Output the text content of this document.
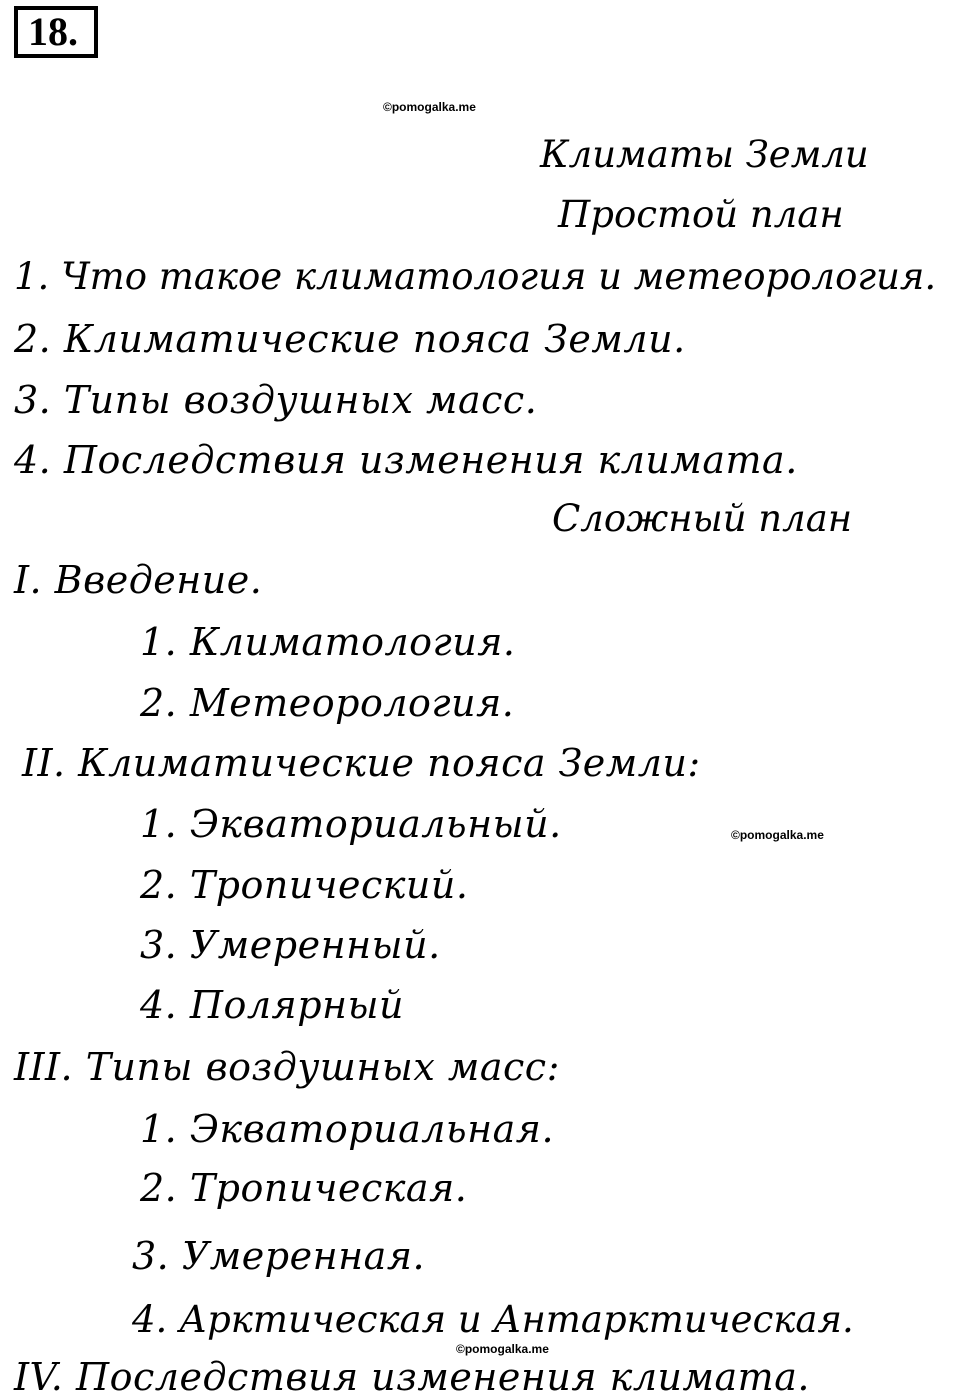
18.
©pomogalka.me
Климаты Земли
Простой план
1. Что такое климатология и метеорология.
2. Климатические пояса Земли.
3. Типы воздушных масс.
4. Последствия изменения климата.
Сложный план
I. Введение.
1. Климатология.
2. Метеорология.
II. Климатические пояса Земли:
1. Экваториальный.	©pomogalka.me
2. Тропический.
3. Умеренный.
4. Полярный
III. Типы воздушных масс:
1. Экваториальная.
2. Тропическая.
3. Умеренная.
4. Арктическая и Антарктическая.
©pomogalka.me
IV. Последствия изменения климата.
